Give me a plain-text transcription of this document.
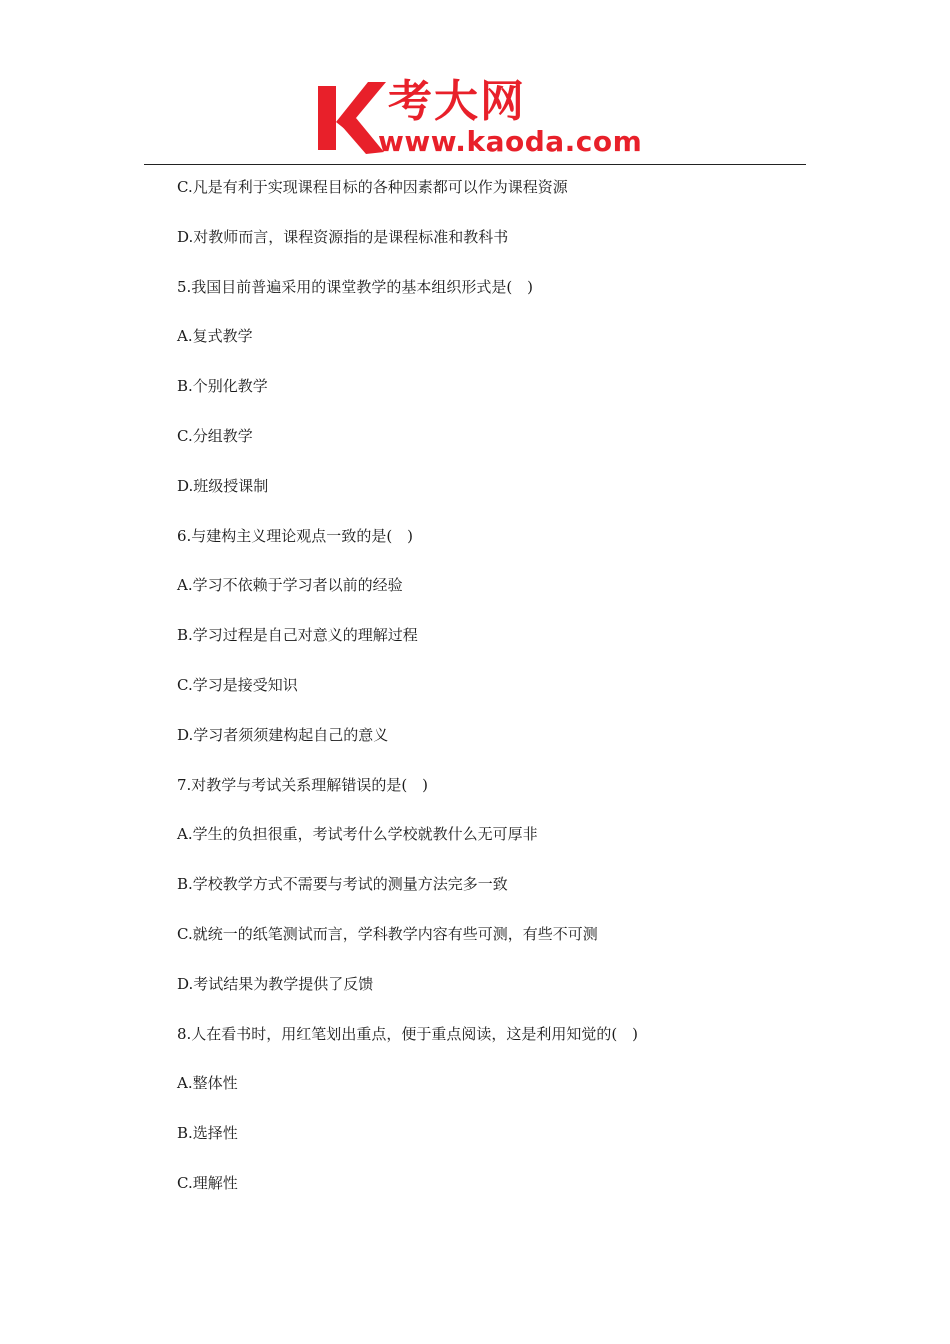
考大网
www.kaoda.com
C.凡是有利于实现课程目标的各种因素都可以作为课程资源
D.对教师而言，课程资源指的是课程标准和教科书
5.我国目前普遍采用的课堂教学的基本组织形式是(　)
A.复式教学
B.个别化教学
C.分组教学
D.班级授课制
6.与建构主义理论观点一致的是(　)
A.学习不依赖于学习者以前的经验
B.学习过程是自己对意义的理解过程
C.学习是接受知识
D.学习者须须建构起自己的意义
7.对教学与考试关系理解错误的是(　)
A.学生的负担很重，考试考什么学校就教什么无可厚非
B.学校教学方式不需要与考试的测量方法完多一致
C.就统一的纸笔测试而言，学科教学内容有些可测，有些不可测
D.考试结果为教学提供了反馈
8.人在看书时，用红笔划出重点，便于重点阅读，这是利用知觉的(　)
A.整体性
B.选择性
C.理解性
